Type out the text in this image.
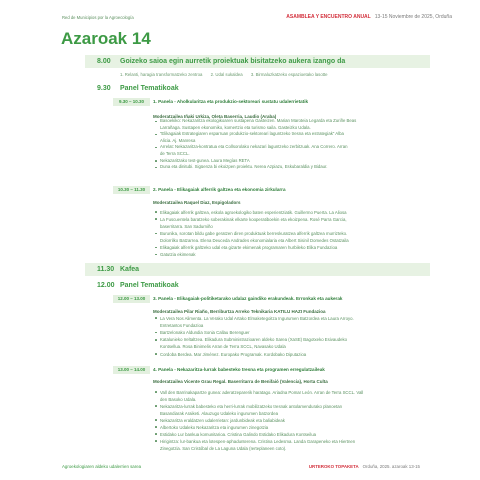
Red de Municipios por la Agroecología	ASAMBLEA Y ENCUENTRO ANUAL 13-15 Noviembre de 2025, Orduña
Azaroak 14
8.00 Goizeko saioa egin aurretik proiektuak bisitatzeko aukera izango da
1. Relanti, haragia transformatzeko zentroa 2. Udal sukaldea 3. Birmaluzkatzeko espazioetako lasotte
9.30 Panel Tematikoak
9.30 – 10.30	1. Panela - Aholkularitza eta produkzio-sektoreari sustatu udalerrietatik
Moderatzailea Iñaki Urkiza, Oleta Baserria, Laudio (Araba)
Basoekiko: Nekazaritza ekologikoaren sustapena Gasteizen. Marian Maroteia Legarda eta Zuriñe Beas
Larrañaga. Sustapen ekonomiko, komertzio eta turismo saila. Gasteizko Udala.
“Elikagaiak Estrategiaren esparruan produkzio-sektoreari laguntzeko tresna eta estrategiak” Alba
Alicia. Aj. Manresa
Arrelat: Nekazaritza-kontratua eta Collsorolako nekazari laguntzeko zerbitzuak. Ana Correro. Arran
de Terra SCCL.
Nekazaritzako test-gunea. Laura Megías RETA
Duna eta dinitubi. Sigüenza bi ekoizpen proiektu. Nerea Azpiazu, Eskubaraldia y Bidaur.
10.30 – 11.30	2. Panela - Elikagaiak alferrik galtzea eta ekonomia zirkularra
Moderatzailea Raquel Diaz, Espigoladors
Elikagaiak alferrik galtzea, eskola agroekologiko baten esperientziatik. Guillermo Puerta. La Aliosa
La Fuscuentela baratzeko soberakinak elkarte kooperatiboekin eta ekoizpena. Rosé Parra Garcia,
baserritarra. San Sadurniño
Burunika, sorotan bildu gabe geratzen diren produktuak berreskuratzea alferrik galtzea murrizteko.
Dolorrilko Batzarrea. Elena Deuceda Andrades ekonomialaria eta Albert Sisinil Domedes Ostatzaila
Elikagaiak alferrik galtzeko udal eta gizarte ekimenak programaren hurbileko Elika Fundazioa
Gatutzia ekimenak
11.30 Kafea
12.00 Panel Tematikoak
12.00 – 13.00	3. Panela - Elikagaiak-politiketarako udalaz gaindiko erakundeak. Erronkak eta aukerak
Moderatzailea Pilar Riaño, Berriburtza Arreko Teknikaria KATILU HAZI Fundazioa
La Vera Nos Alimenta. La Verako Udal Artako Elmaketegoitza Ingurumen Batzordea eta Laura Arroyo.
Entretantos Fundazioa
Bartzelonako Aldundia Sonia Callau Berenguer
Katalunieko Ireltaltzea. Elikadura Subministrazioaren aldeko Sarea (XaSE) Bagotxeko Esivaudeko
Kontsellua. Rosa Binimelis Arran de Terra SCCL, Navasako Udala
Cordoba Berdea. Mar Jiménez. Europako Programak. Kordobako Diputazioa
13.00 – 14.00	4. Panela - Nekazaritza-lurrak babesteko tresna eta programen erregulatzaileak
Moderatzailea Vicente Grau Regal. Baserritarra de Benifaió (Valencia), Horta Culta
Vall den Barrinakapartze gunea: aderatzeparerik haratago. Ariadna Pomar León. Arran de Terra SCCL. Vall
den Basoko Udala.
Nekazaritza-lurrak babesteko eta herri-lurrak mobilizatzeko tresnak antolamendurako planoetan
Basandiarak Araiketi. Alauzugo Udaleko ingurumen batzordea
Nekazaritza eraldatzen udalerrietan: jardunbideak eta baliabideak
Albertoko Udaleko Nekazaritza eta ingurumen zinegotzia
Estidako Lur bankua komunitarioa. Cristina Galindo Estidako Elikadura Kontseilua
Hirigintza: lur-bankua eta lotespen-aphadunterena. Cristina Ledesma. Landa Garapeneko eta Hiertnen
Zinegotzia. San Cristóbal de La Laguna Udala (Ierteplaneen coto).
Agroekologiaren aldeko udalerrien sarea	URTEROKO TOPAKETA Orduña, 2025. azaroak 13-15
